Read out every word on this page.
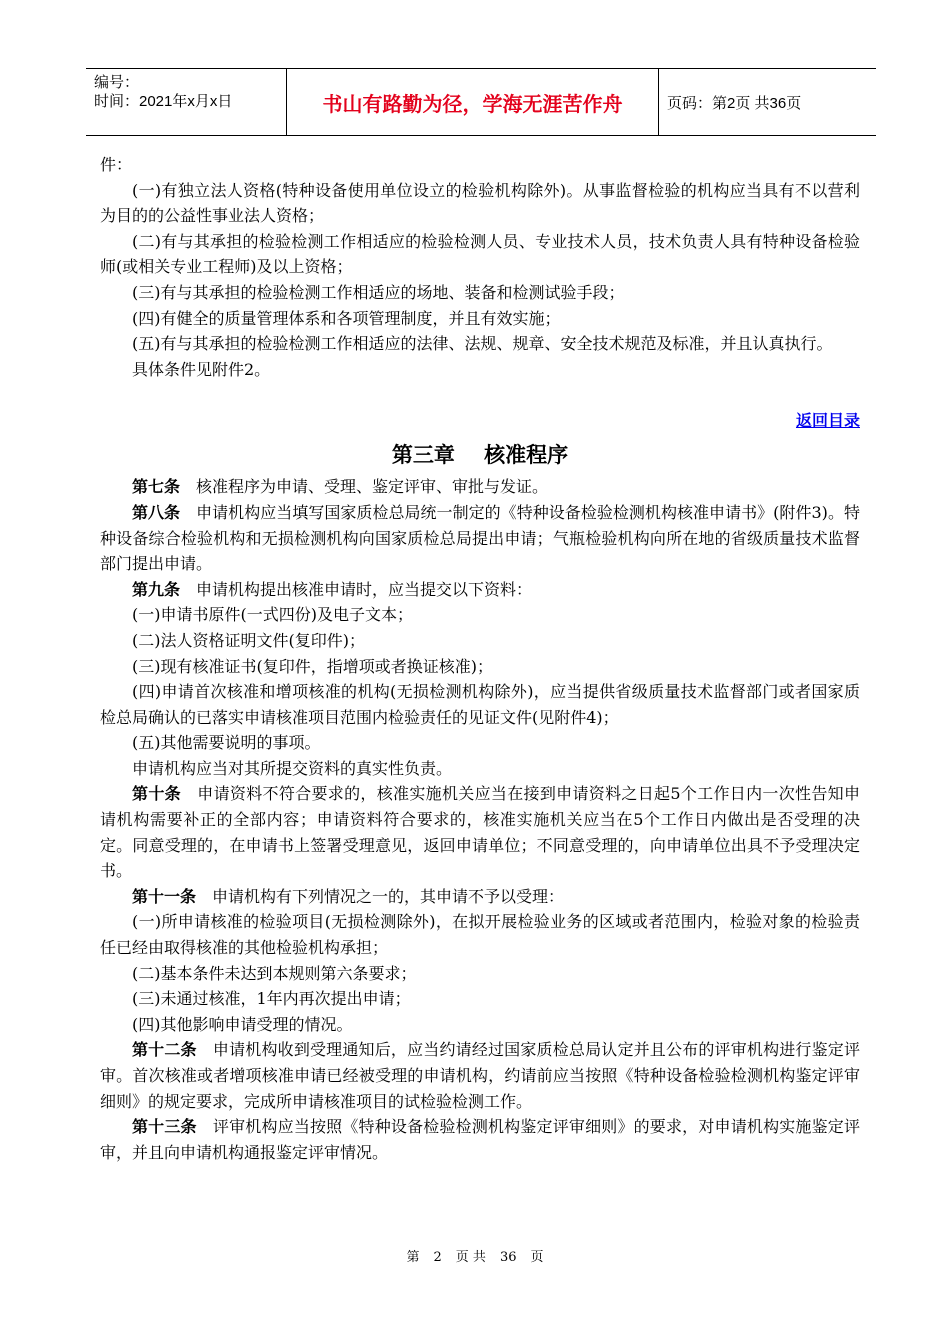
编号：
时间：2021年x月x日	书山有路勤为径，学海无涯苦作舟	页码：第2页 共36页

件：

(一)有独立法人资格(特种设备使用单位设立的检验机构除外)。从事监督检验的机构应当具有不以营利为目的的公益性事业法人资格；

(二)有与其承担的检验检测工作相适应的检验检测人员、专业技术人员，技术负责人具有特种设备检验师(或相关专业工程师)及以上资格；

(三)有与其承担的检验检测工作相适应的场地、装备和检测试验手段；

(四)有健全的质量管理体系和各项管理制度，并且有效实施；

(五)有与其承担的检验检测工作相适应的法律、法规、规章、安全技术规范及标准，并且认真执行。

具体条件见附件2。

返回目录
第三章    核准程序

第七条　 核准程序为申请、受理、鉴定评审、审批与发证。

第八条　 申请机构应当填写国家质检总局统一制定的《特种设备检验检测机构核准申请书》(附件3)。特种设备综合检验机构和无损检测机构向国家质检总局提出申请；气瓶检验机构向所在地的省级质量技术监督部门提出申请。

第九条　 申请机构提出核准申请时，应当提交以下资料：

(一)申请书原件(一式四份)及电子文本；

(二)法人资格证明文件(复印件)；

(三)现有核准证书(复印件，指增项或者换证核准)；

(四)申请首次核准和增项核准的机构(无损检测机构除外)，应当提供省级质量技术监督部门或者国家质检总局确认的已落实申请核准项目范围内检验责任的见证文件(见附件4)；

(五)其他需要说明的事项。

申请机构应当对其所提交资料的真实性负责。

第十条　 申请资料不符合要求的，核准实施机关应当在接到申请资料之日起5个工作日内一次性告知申请机构需要补正的全部内容；申请资料符合要求的，核准实施机关应当在5个工作日内做出是否受理的决定。同意受理的，在申请书上签署受理意见，返回申请单位；不同意受理的，向申请单位出具不予受理决定书。

第十一条　 申请机构有下列情况之一的，其申请不予以受理：

(一)所申请核准的检验项目(无损检测除外)，在拟开展检验业务的区域或者范围内，检验对象的检验责任已经由取得核准的其他检验机构承担；

(二)基本条件未达到本规则第六条要求；

(三)未通过核准，1年内再次提出申请；

(四)其他影响申请受理的情况。

第十二条　 申请机构收到受理通知后，应当约请经过国家质检总局认定并且公布的评审机构进行鉴定评审。首次核准或者增项核准申请已经被受理的申请机构，约请前应当按照《特种设备检验检测机构鉴定评审细则》的规定要求，完成所申请核准项目的试检验检测工作。

第十三条　 评审机构应当按照《特种设备检验检测机构鉴定评审细则》的要求，对申请机构实施鉴定评审，并且向申请机构通报鉴定评审情况。

第 2 页 共 36 页
